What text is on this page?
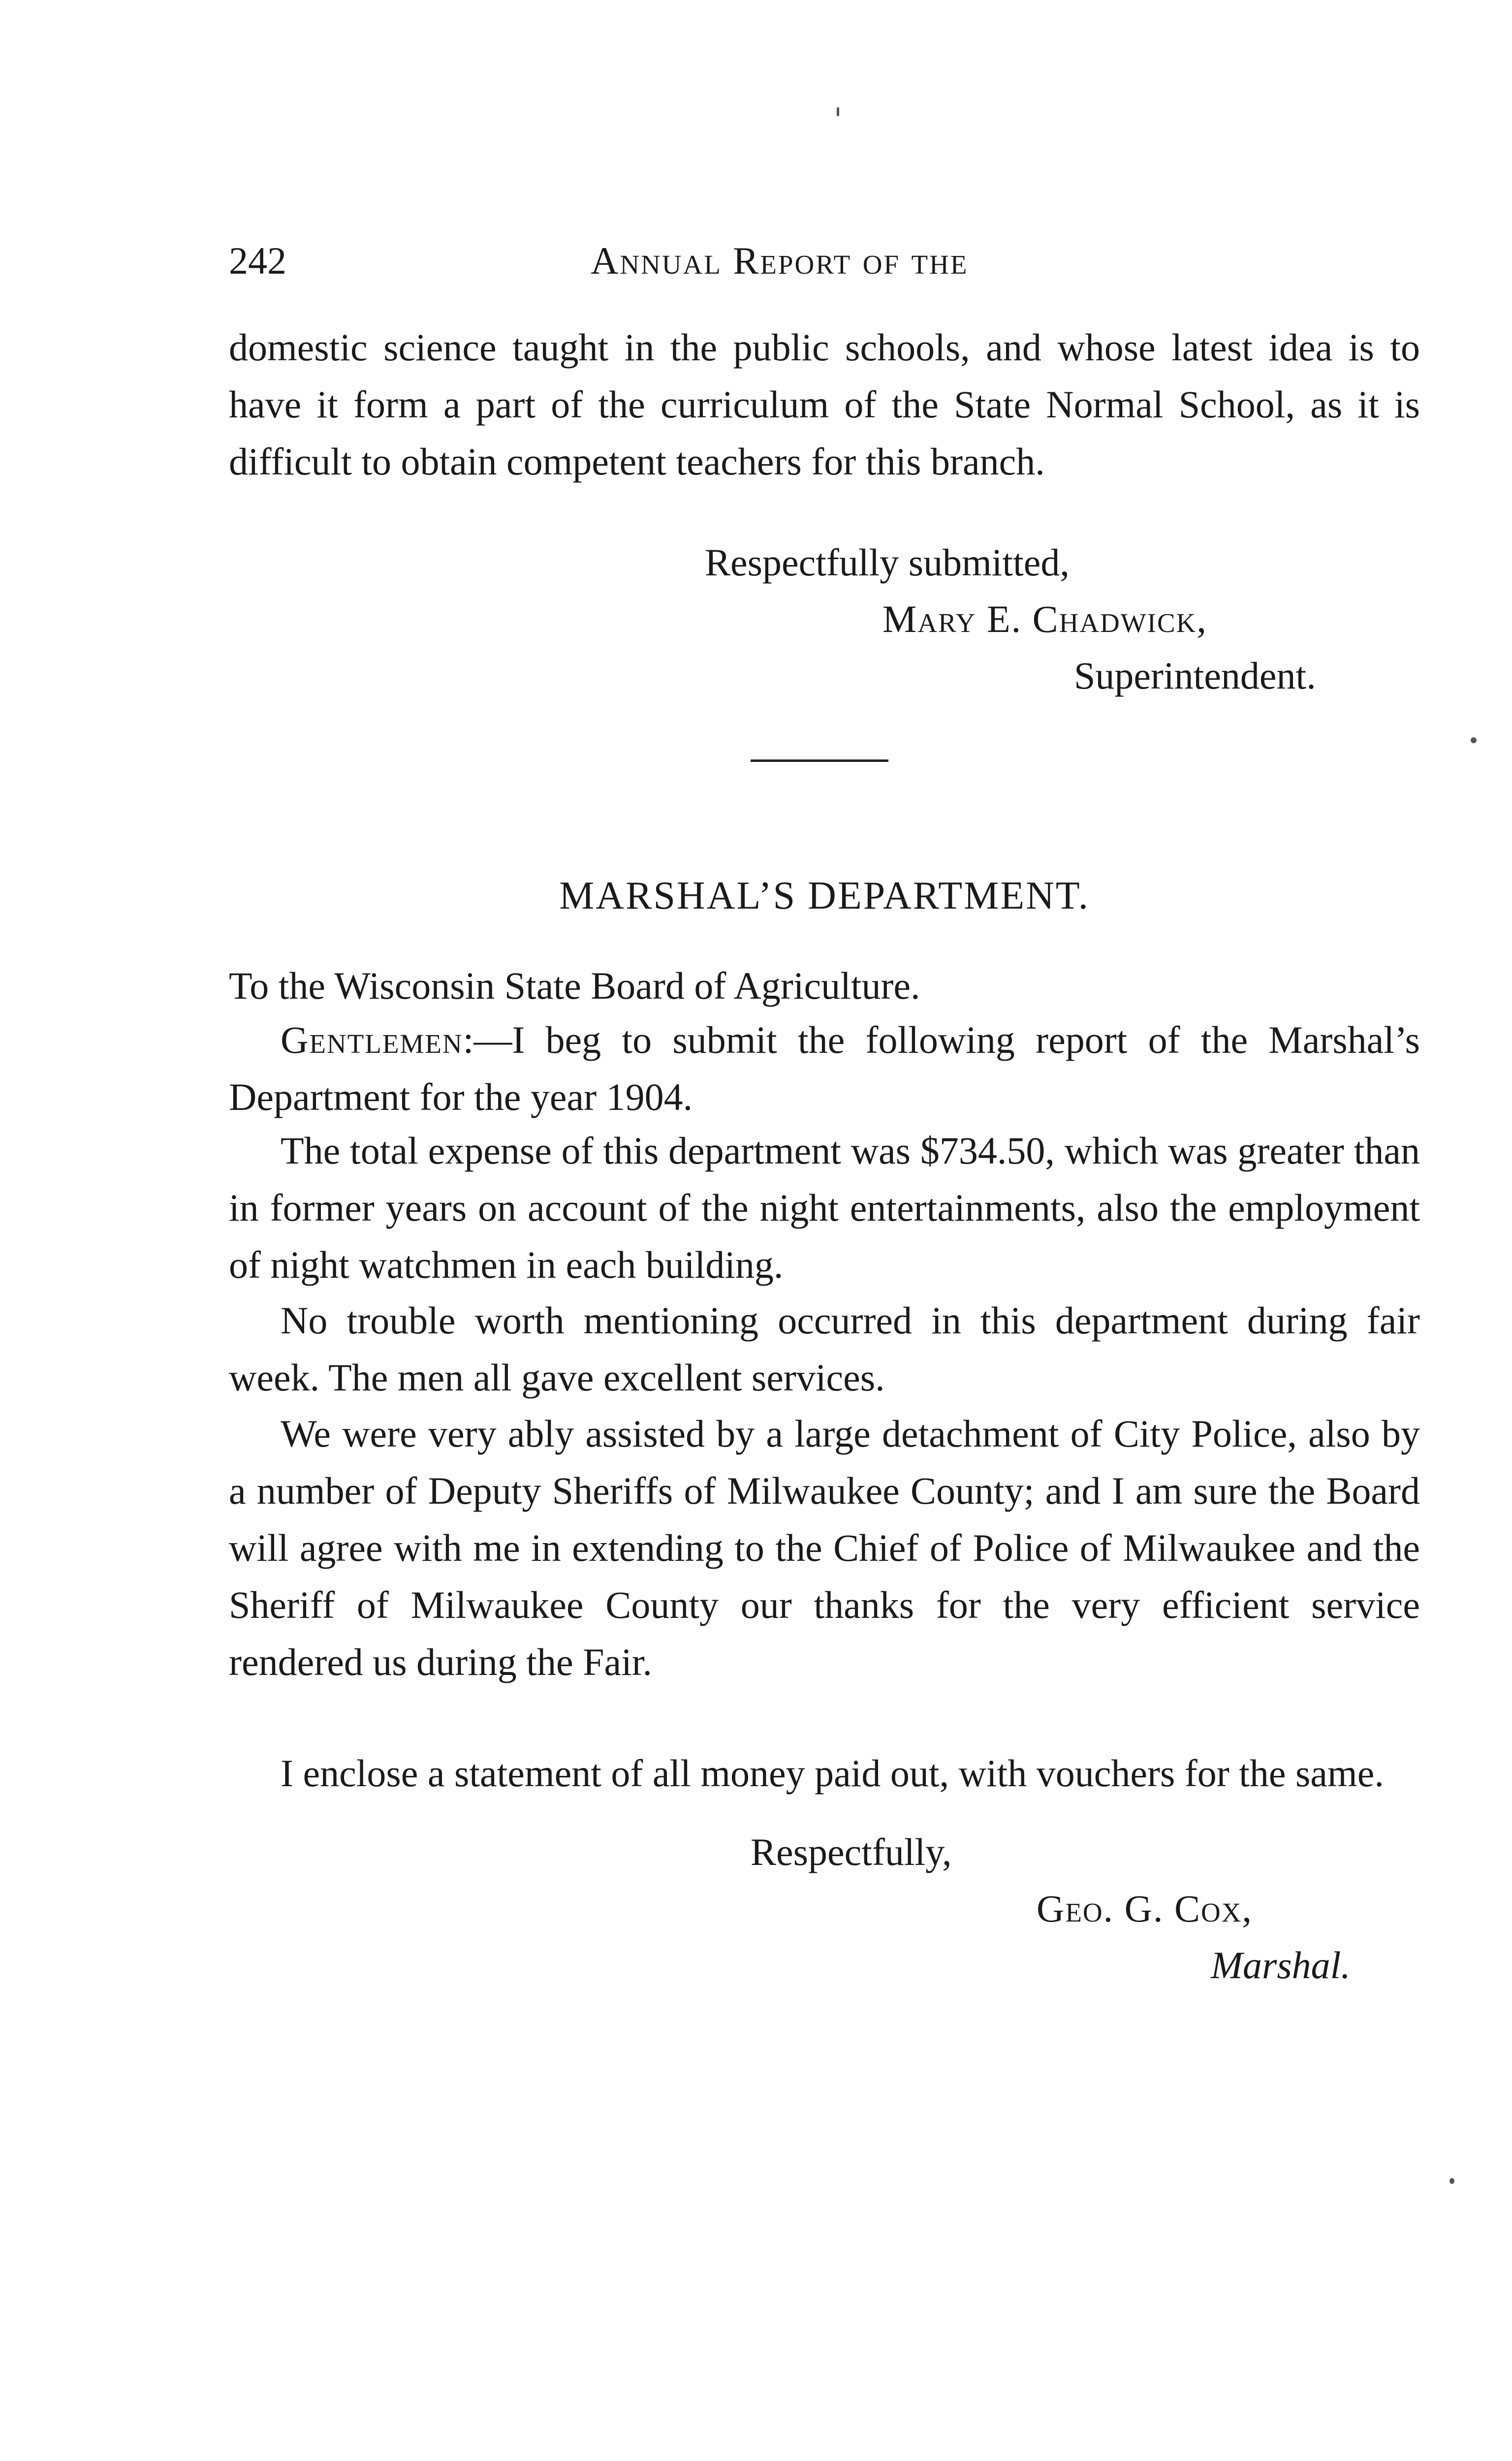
242	Annual Report of the

domestic science taught in the public schools, and whose latest idea is to have it form a part of the curriculum of the State Normal School, as it is difficult to obtain competent teachers for this branch.

Respectfully submitted,
Mary E. Chadwick,
Superintendent.
MARSHAL’S DEPARTMENT.

To the Wisconsin State Board of Agriculture.

Gentlemen:—I beg to submit the following report of the Marshal’s Department for the year 1904.

The total expense of this department was $734.50, which was greater than in former years on account of the night entertainments, also the employment of night watchmen in each building.

No trouble worth mentioning occurred in this department during fair week. The men all gave excellent services.

We were very ably assisted by a large detachment of City Police, also by a number of Deputy Sheriffs of Milwaukee County; and I am sure the Board will agree with me in extending to the Chief of Police of Milwaukee and the Sheriff of Milwaukee County our thanks for the very efficient service rendered us during the Fair.

I enclose a statement of all money paid out, with vouchers for the same.

Respectfully,
Geo. G. Cox,
Marshal.
